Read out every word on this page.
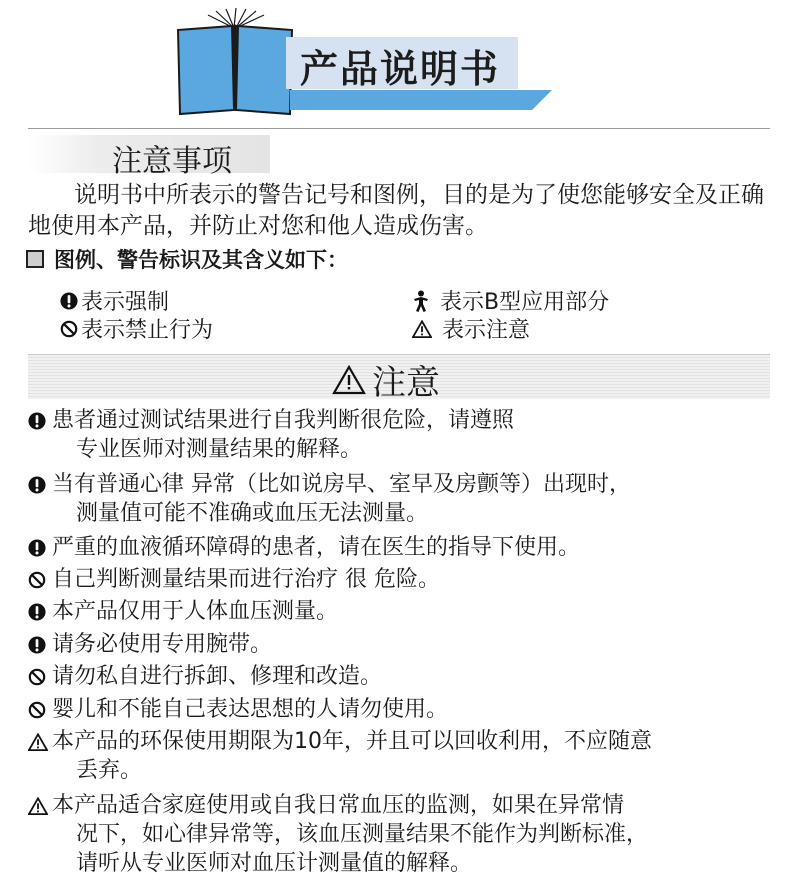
产品说明书
注意事项
说明书中所表示的警告记号和图例，目的是为了使您能够安全及正确地使用本产品，并防止对您和他人造成伤害。
图例、警告标识及其含义如下：
表示强制	表示B型应用部分
表示禁止行为	表示注意
注意
患者通过测试结果进行自我判断很危险，请遵照
专业医师对测量结果的解释。
当有普通心律 异常（比如说房早、室早及房颤等）出现时，
测量值可能不准确或血压无法测量。
严重的血液循环障碍的患者，请在医生的指导下使用。
自己判断测量结果而进行治疗 很 危险。
本产品仅用于人体血压测量。
请务必使用专用腕带。
请勿私自进行拆卸、修理和改造。
婴儿和不能自己表达思想的人请勿使用。
本产品的环保使用期限为10年，并且可以回收利用，不应随意
丢弃。
本产品适合家庭使用或自我日常血压的监测，如果在异常情
况下，如心律异常等，该血压测量结果不能作为判断标准，
请听从专业医师对血压计测量值的解释。
